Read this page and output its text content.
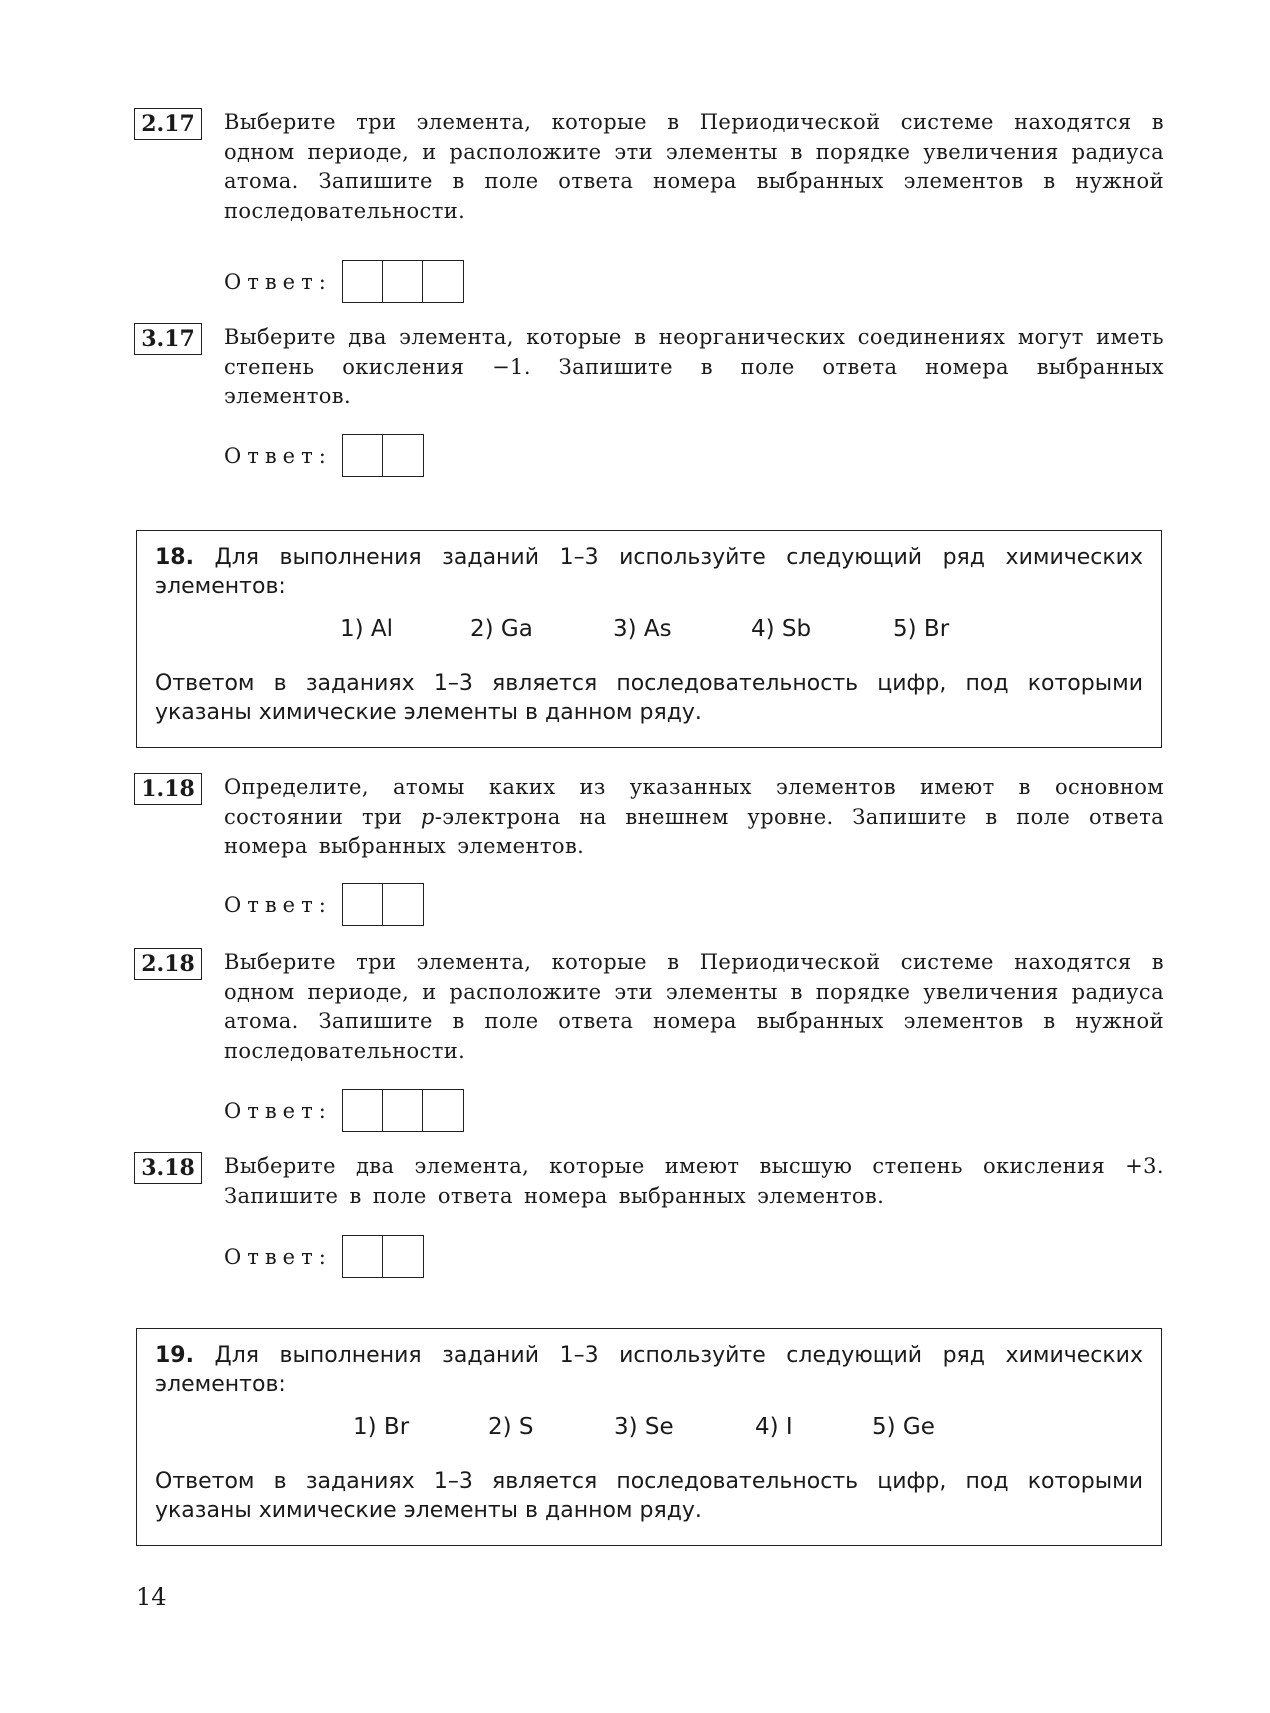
2.17	Выберите три элемента, которые в Периодической системе находятся в одном периоде, и расположите эти элементы в порядке увеличения радиуса атома. Запишите в поле ответа номера выбранных элементов в нужной последовательности.
Ответ:
3.17	Выберите два элемента, которые в неорганических соединениях могут иметь степень окисления −1. Запишите в поле ответа номера выбранных элементов.
Ответ:
18. Для выполнения заданий 1–3 используйте следующий ряд химических элементов:
1) Al	2) Ga	3) As	4) Sb	5) Br
Ответом в заданиях 1–3 является последовательность цифр, под которыми указаны химические элементы в данном ряду.
1.18	Определите, атомы каких из указанных элементов имеют в основном состоянии три p-электрона на внешнем уровне. Запишите в поле ответа номера выбранных элементов.
Ответ:
2.18	Выберите три элемента, которые в Периодической системе находятся в одном периоде, и расположите эти элементы в порядке увеличения радиуса атома. Запишите в поле ответа номера выбранных элементов в нужной последовательности.
Ответ:
3.18	Выберите два элемента, которые имеют высшую степень окисления +3. Запишите в поле ответа номера выбранных элементов.
Ответ:
19. Для выполнения заданий 1–3 используйте следующий ряд химических элементов:
1) Br	2) S	3) Se	4) I	5) Ge
Ответом в заданиях 1–3 является последовательность цифр, под которыми указаны химические элементы в данном ряду.
14
